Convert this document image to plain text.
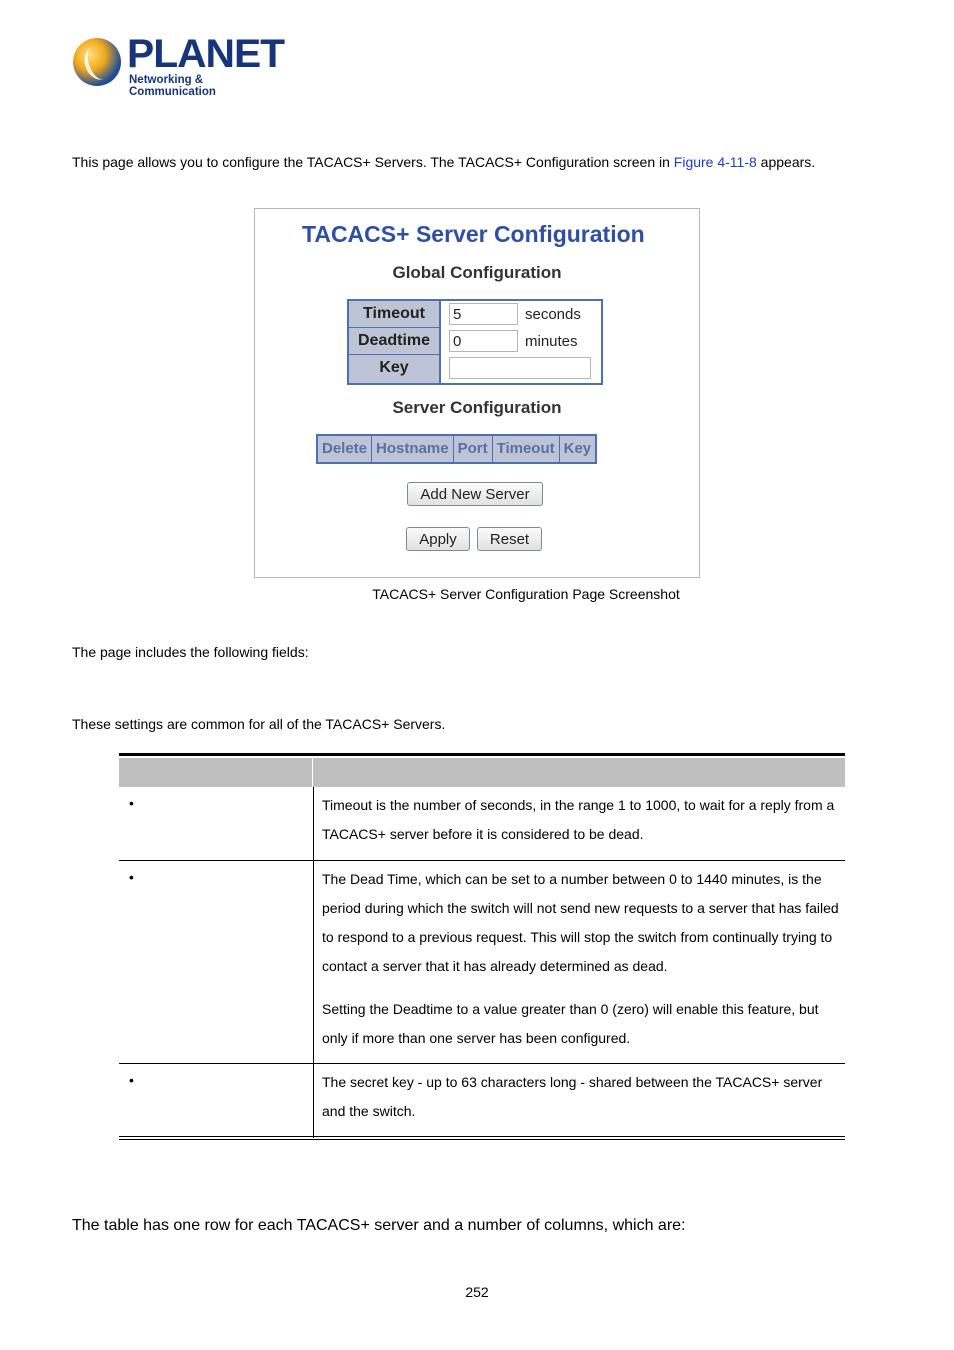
PLANET
Networking & Communication
This page allows you to configure the TACACS+ Servers. The TACACS+ Configuration screen in Figure 4-11-8 appears.
TACACS+ Server Configuration
Global Configuration
Timeout	5	seconds
Deadtime	0	minutes
Key
Server Configuration
Delete Hostname Port Timeout Key
Add New Server
Apply	Reset
TACACS+ Server Configuration Page Screenshot
The page includes the following fields:
These settings are common for all of the TACACS+ Servers.
•	Timeout is the number of seconds, in the range 1 to 1000, to wait for a reply from a TACACS+ server before it is considered to be dead.

•	The Dead Time, which can be set to a number between 0 to 1440 minutes, is the period during which the switch will not send new requests to a server that has failed to respond to a previous request. This will stop the switch from continually trying to contact a server that it has already determined as dead.

Setting the Deadtime to a value greater than 0 (zero) will enable this feature, but only if more than one server has been configured.

•	The secret key - up to 63 characters long - shared between the TACACS+ server and the switch.

The table has one row for each TACACS+ server and a number of columns, which are:
252
